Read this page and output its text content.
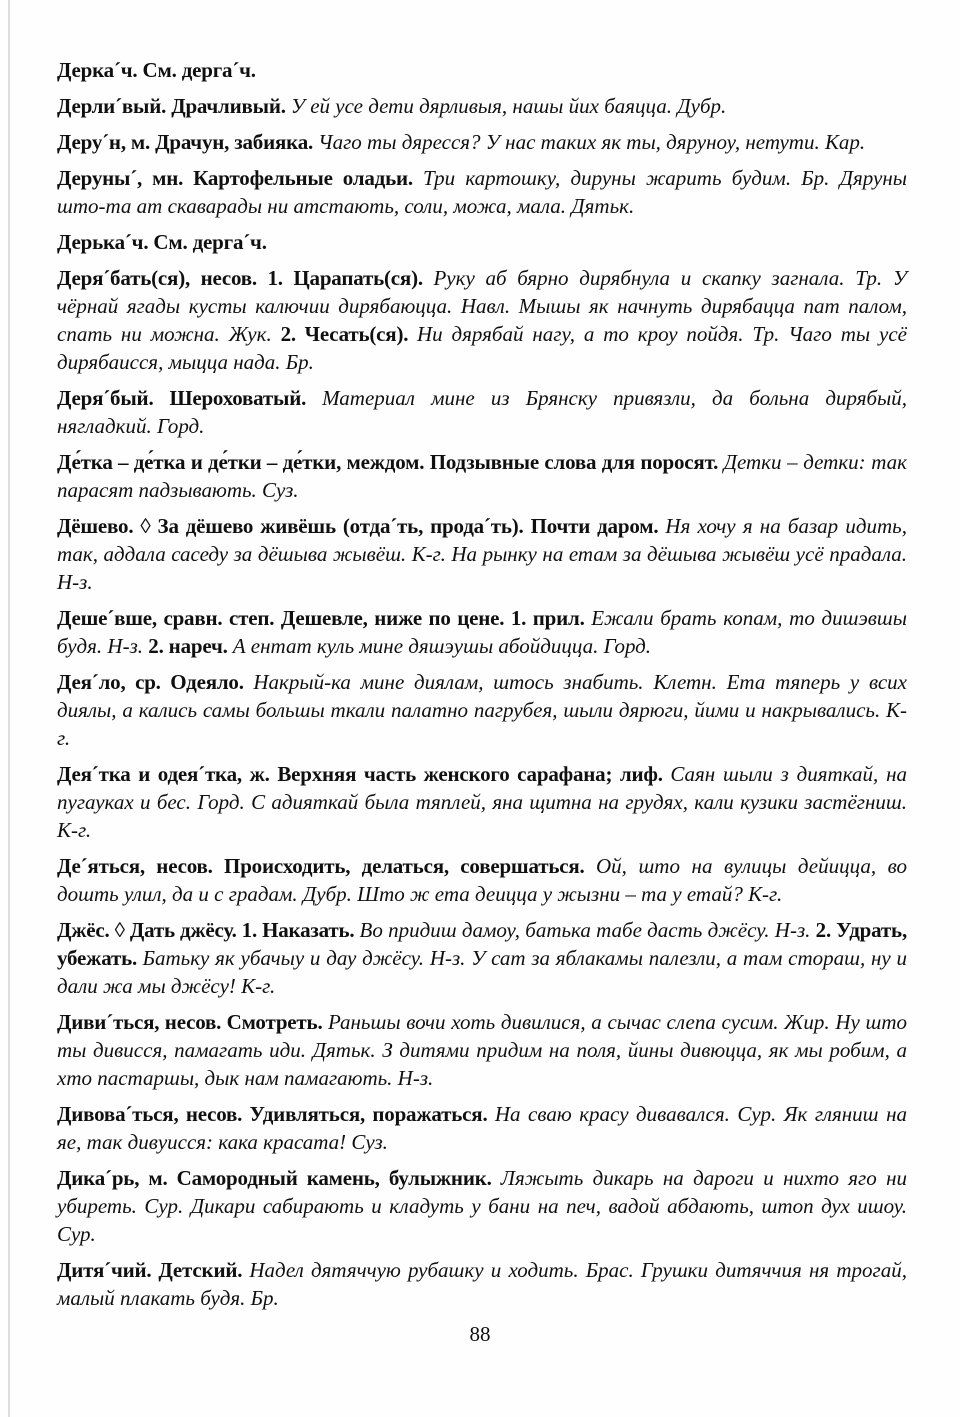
Дерка´ч. См. дерга´ч.

Дерли´вый. Драчливый. У ей усе дети дярливыя, нашы йих баяцца. Дубр.

Деру´н, м. Драчун, забияка. Чаго ты дяресся? У нас таких як ты, дяруноу, нетути. Кар.

Деруны´, мн. Картофельные оладьи. Три картошку, дируны жарить будим. Бр. Дяруны што-та ат скаварады ни атстають, соли, можа, мала. Дятьк.

Дерька´ч. См. дерга´ч.

Деря´бать(ся), несов. 1. Царапать(ся). Руку аб бярно дирябнула и скапку загнала. Тр. У чёрнай ягады кусты калючии дирябаюцца. Навл. Мышы як начнуть дирябацца пат палом, спать ни можна. Жук. 2. Чесать(ся). Ни дярябай нагу, а то кроу пойдя. Тр. Чаго ты усё дирябаисся, мыцца нада. Бр.

Деря´бый. Шероховатый. Материал мине из Брянску привязли, да больна дирябый, нягладкий. Горд.

Де́тка – де́тка и де́тки – де́тки, междом. Подзывные слова для поросят. Детки – детки: так парасят падзывають. Суз.

Дёшево. ◊ За дёшево живёшь (отда´ть, прода´ть). Почти даром. Ня хочу я на базар идить, так, аддала саседу за дёшыва жывёш. К-г. На рынку на етам за дёшыва жывёш усё прадала. Н-з.

Деше´вше, сравн. степ. Дешевле, ниже по цене. 1. прил. Ежали брать копам, то дишэвшы будя. Н-з. 2. нареч. А ентат куль мине дяшэушы абойдицца. Горд.

Дея´ло, ср. Одеяло. Накрый-ка мине диялам, штось знабить. Клетн. Ета тяперь у всих диялы, а кались самы большы ткали палатно пагрубея, шыли дярюги, йими и накрывались. К-г.

Дея´тка и одея´тка, ж. Верхняя часть женского сарафана; лиф. Саян шыли з дияткай, на пугауках и бес. Горд. С адияткай была тяплей, яна щитна на грудях, кали кузики застёгниш. К-г.

Де´яться, несов. Происходить, делаться, совершаться. Ой, што на вулицы дейицца, во дошть улил, да и с градам. Дубр. Што ж ета деицца у жызни – та у етай? К-г.

Джёс. ◊ Дать джёсу. 1. Наказать. Во придиш дамоу, батька табе дасть джёсу. Н-з. 2. Удрать, убежать. Батьку як убачыу и дау джёсу. Н-з. У сат за яблакамы палезли, а там стораш, ну и дали жа мы джёсу! К-г.

Диви´ться, несов. Смотреть. Раньшы вочи хоть дивилися, а сычас слепа сусим. Жир. Ну што ты дивисся, памагать иди. Дятьк. З дитями придим на поля, йины дивюцца, як мы робим, а хто пастаршы, дык нам памагають. Н-з.

Дивова´ться, несов. Удивляться, поражаться. На сваю красу дивавался. Сур. Як гляниш на яе, так дивуисся: кака красата! Суз.

Дика´рь, м. Самородный камень, булыжник. Ляжыть дикарь на дароги и нихто яго ни убиреть. Сур. Дикари сабирають и кладуть у бани на печ, вадой абдають, штоп дух ишоу. Сур.

Дитя´чий. Детский. Надел дятяччую рубашку и ходить. Брас. Грушки дитяччия ня трогай, малый плакать будя. Бр.

88
